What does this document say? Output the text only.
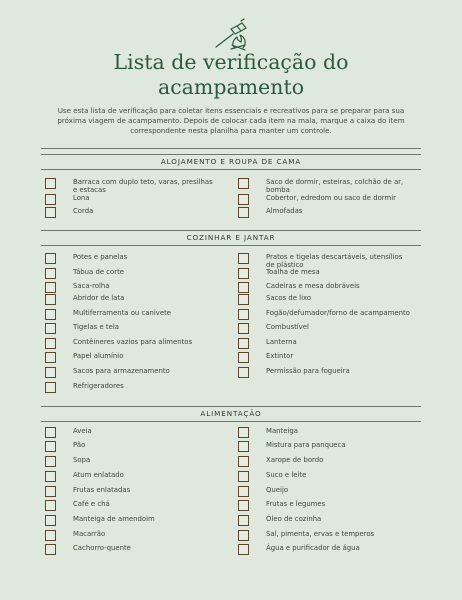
Lista de verificação do
acampamento
Use esta lista de verificação para coletar itens essenciais e recreativos para se preparar para sua
próxima viagem de acampamento. Depois de colocar cada item na mala, marque a caixa do item
correspondente nesta planilha para manter um controle.
ALOJAMENTO E ROUPA DE CAMA
Barraca com duplo teto, varas, presilhas e estacas
Lona
Corda
Saco de dormir, esteiras, colchão de ar, bomba
Cobertor, edredom ou saco de dormir
Almofadas
COZINHAR E JANTAR
Potes e panelas
Tábua de corte
Saca-rolha
Abridor de lata
Multiferramenta ou canivete
Tigelas e tela
Contêineres vazios para alimentos
Papel alumínio
Sacos para armazenamento
Refrigeradores
Pratos e tigelas descartáveis, utensílios de plástico
Toalha de mesa
Cadeiras e mesa dobráveis
Sacos de lixo
Fogão/defumador/forno de acampamento
Combustível
Lanterna
Extintor
Permissão para fogueira
ALIMENTAÇÃO
Aveia
Pão
Sopa
Atum enlatado
Frutas enlatadas
Café e chá
Manteiga de amendoim
Macarrão
Cachorro-quente
Manteiga
Mistura para panqueca
Xarope de bordo
Suco e leite
Queijo
Frutas e legumes
Óleo de cozinha
Sal, pimenta, ervas e temperos
Água e purificador de água
